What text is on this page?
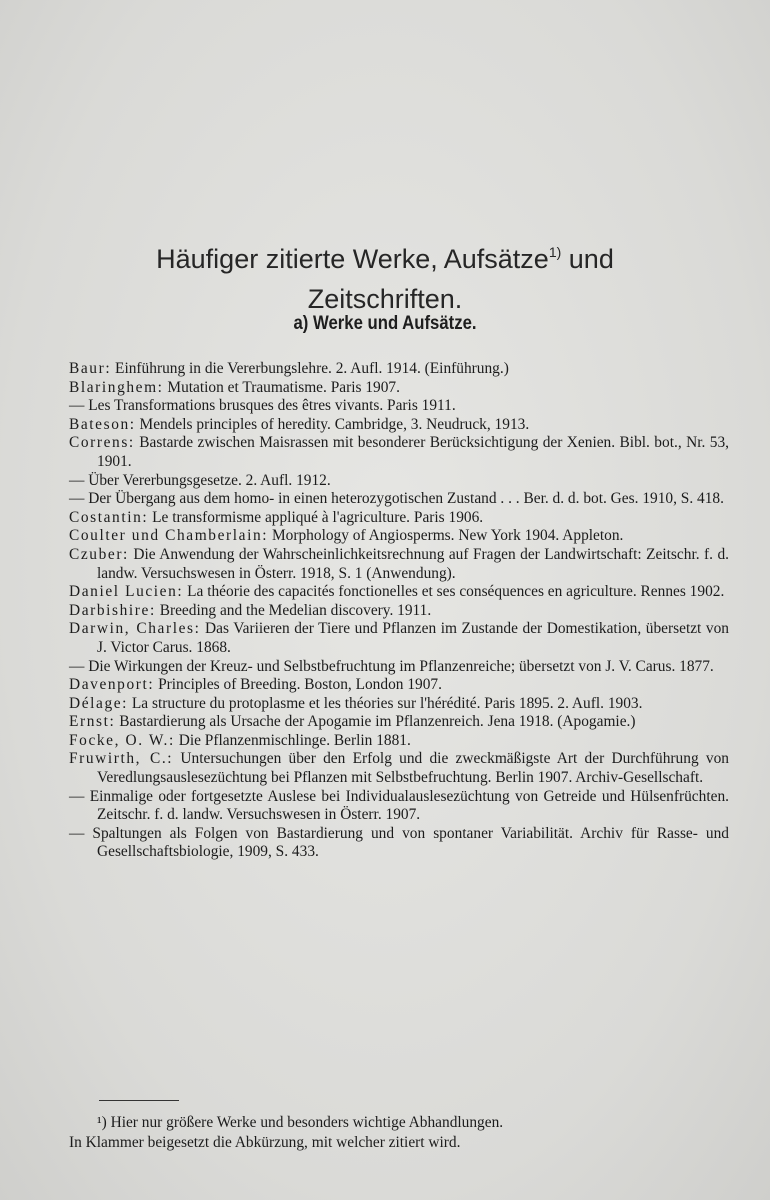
Häufiger zitierte Werke, Aufsätze$^{1)}$ und
Zeitschriften.
a) Werke und Aufsätze.
Baur: Einführung in die Vererbungslehre. 2. Aufl. 1914. (Einführung.)
Blaringhem: Mutation et Traumatisme. Paris 1907.
— Les Transformations brusques des êtres vivants. Paris 1911.
Bateson: Mendels principles of heredity. Cambridge, 3. Neudruck, 1913.
Correns: Bastarde zwischen Maisrassen mit besonderer Berücksichtigung der Xenien. Bibl. bot., Nr. 53, 1901.
— Über Vererbungsgesetze. 2. Aufl. 1912.
— Der Übergang aus dem homo- in einen heterozygotischen Zustand . . . Ber. d. d. bot. Ges. 1910, S. 418.
Costantin: Le transformisme appliqué à l'agriculture. Paris 1906.
Coulter und Chamberlain: Morphology of Angiosperms. New York 1904. Appleton.
Czuber: Die Anwendung der Wahrscheinlichkeitsrechnung auf Fragen der Landwirtschaft: Zeitschr. f. d. landw. Versuchswesen in Österr. 1918, S. 1 (Anwendung).
Daniel Lucien: La théorie des capacités fonctionelles et ses conséquences en agriculture. Rennes 1902.
Darbishire: Breeding and the Medelian discovery. 1911.
Darwin, Charles: Das Variieren der Tiere und Pflanzen im Zustande der Domestikation, übersetzt von J. Victor Carus. 1868.
— Die Wirkungen der Kreuz- und Selbstbefruchtung im Pflanzenreiche; übersetzt von J. V. Carus. 1877.
Davenport: Principles of Breeding. Boston, London 1907.
Délage: La structure du protoplasme et les théories sur l'hérédité. Paris 1895. 2. Aufl. 1903.
Ernst: Bastardierung als Ursache der Apogamie im Pflanzenreich. Jena 1918. (Apogamie.)
Focke, O. W.: Die Pflanzenmischlinge. Berlin 1881.
Fruwirth, C.: Untersuchungen über den Erfolg und die zweckmäßigste Art der Durchführung von Veredlungsauslesezüchtung bei Pflanzen mit Selbstbefruchtung. Berlin 1907. Archiv-Gesellschaft.
— Einmalige oder fortgesetzte Auslese bei Individualauslesezüchtung von Getreide und Hülsenfrüchten. Zeitschr. f. d. landw. Versuchswesen in Österr. 1907.
— Spaltungen als Folgen von Bastardierung und von spontaner Variabilität. Archiv für Rasse- und Gesellschaftsbiologie, 1909, S. 433.
¹) Hier nur größere Werke und besonders wichtige Abhandlungen.
In Klammer beigesetzt die Abkürzung, mit welcher zitiert wird.
